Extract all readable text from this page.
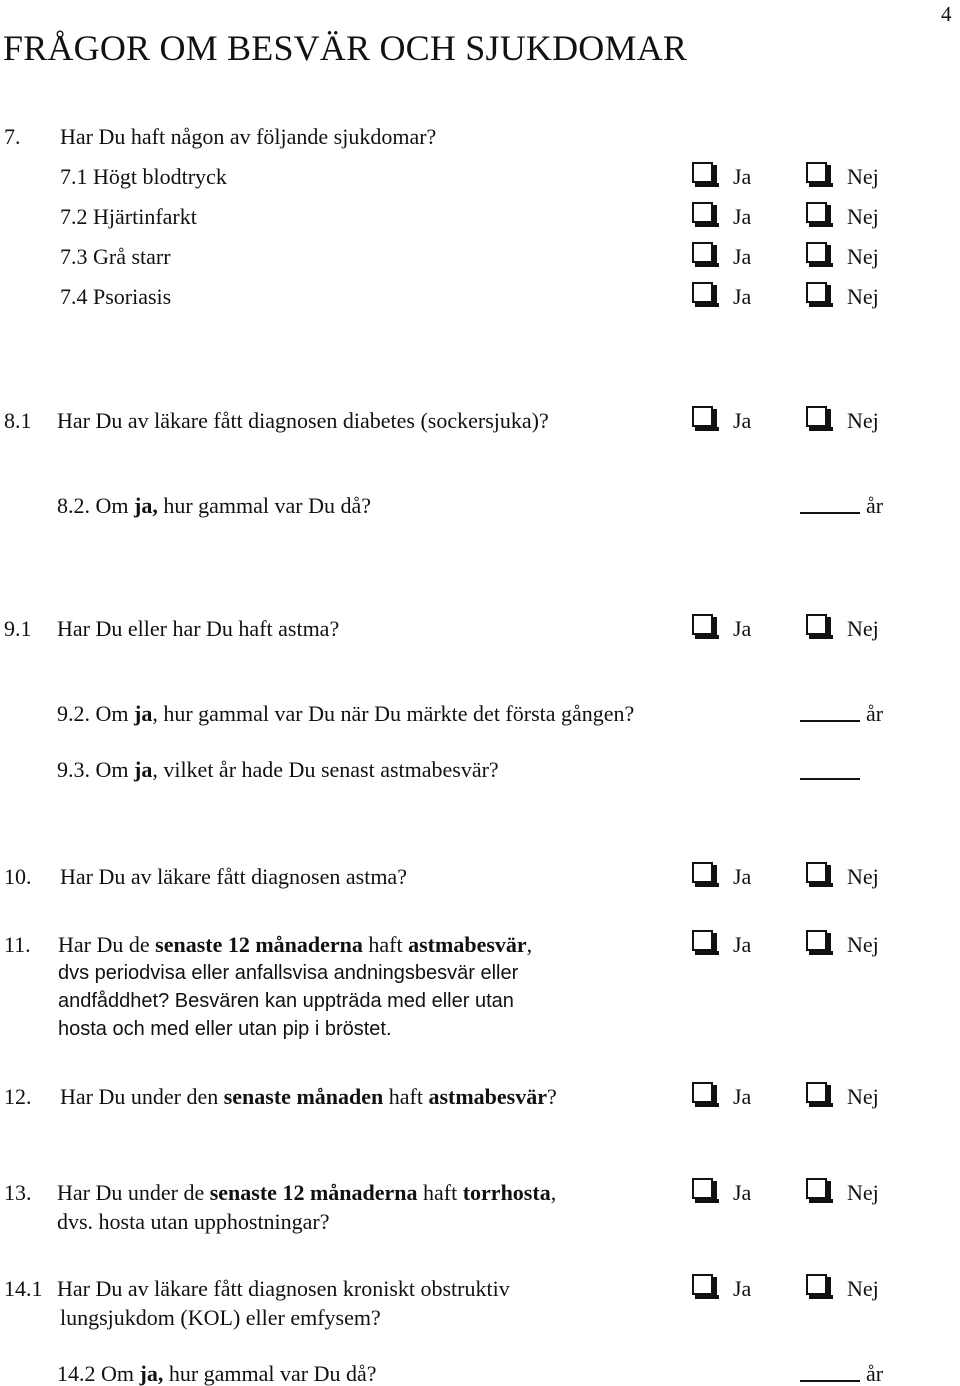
4
FRÅGOR OM BESVÄR OCH SJUKDOMAR
7. Har Du haft någon av följande sjukdomar?
7.1 Högt blodtryck	Ja	Nej
7.2 Hjärtinfarkt	Ja	Nej
7.3 Grå starr	Ja	Nej
7.4 Psoriasis	Ja	Nej
8.1 Har Du av läkare fått diagnosen diabetes (sockersjuka)?	Ja	Nej
8.2. Om ja, hur gammal var Du då?	år
9.1 Har Du eller har Du haft astma?	Ja	Nej
9.2. Om ja, hur gammal var Du när Du märkte det första gången?	år
9.3. Om ja, vilket år hade Du senast astmabesvär?
10. Har Du av läkare fått diagnosen astma?	Ja	Nej
11. Har Du de senaste 12 månaderna haft astmabesvär,	Ja	Nej
dvs periodvisa eller anfallsvisa andningsbesvär eller
andfåddhet? Besvären kan uppträda med eller utan
hosta och med eller utan pip i bröstet.
12. Har Du under den senaste månaden haft astmabesvär?	Ja	Nej
13. Har Du under de senaste 12 månaderna haft torrhosta,	Ja	Nej
dvs. hosta utan upphostningar?
14.1 Har Du av läkare fått diagnosen kroniskt obstruktiv	Ja	Nej
lungsjukdom (KOL) eller emfysem?
14.2 Om ja, hur gammal var Du då?	år
